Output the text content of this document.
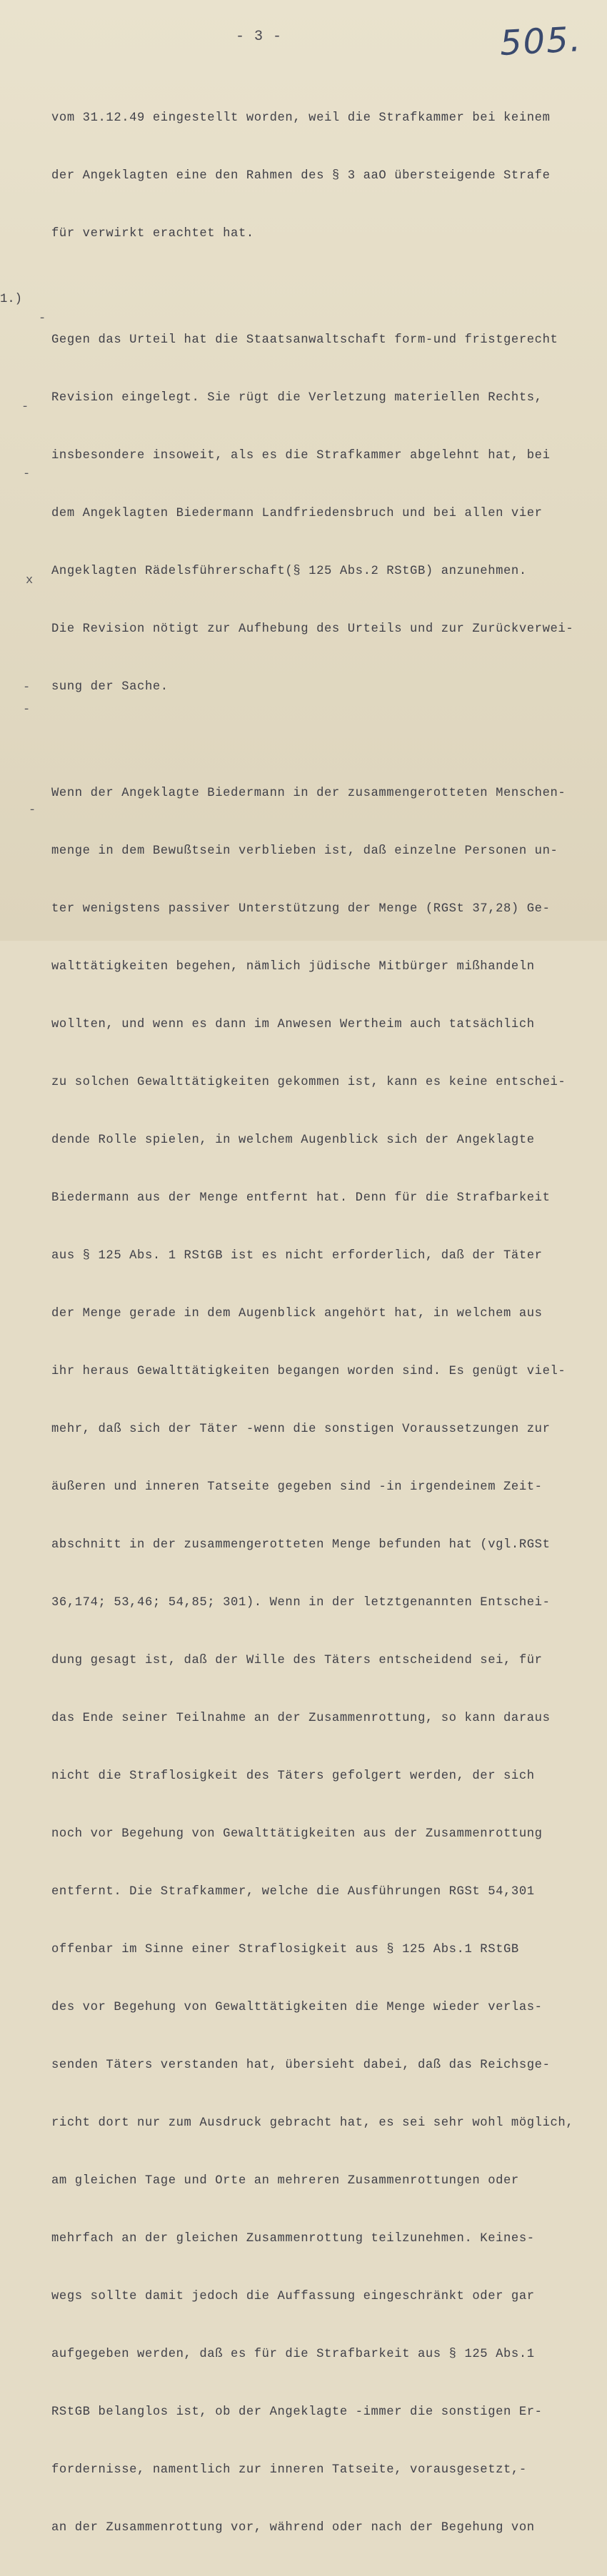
- 3 -	505.
1.)
-
-
-
x
-
-
-

vom 31.12.49 eingestellt worden, weil die Strafkammer bei keinem

der Angeklagten eine den Rahmen des § 3 aaO übersteigende Strafe

für verwirkt erachtet hat.

Gegen das Urteil hat die Staatsanwaltschaft form-und fristgerecht

Revision eingelegt. Sie rügt die Verletzung materiellen Rechts,

insbesondere insoweit, als es die Strafkammer abgelehnt hat, bei

dem Angeklagten Biedermann Landfriedensbruch und bei allen vier

Angeklagten Rädelsführerschaft(§ 125 Abs.2 RStGB) anzunehmen.

Die Revision nötigt zur Aufhebung des Urteils und zur Zurückverwei-

sung der Sache.

Wenn der Angeklagte Biedermann in der zusammengerotteten Menschen-

menge in dem Bewußtsein verblieben ist, daß einzelne Personen un-

ter wenigstens passiver Unterstützung der Menge (RGSt 37,28) Ge-

walttätigkeiten begehen, nämlich jüdische Mitbürger mißhandeln

wollten, und wenn es dann im Anwesen Wertheim auch tatsächlich

zu solchen Gewalttätigkeiten gekommen ist, kann es keine entschei-

dende Rolle spielen, in welchem Augenblick sich der Angeklagte

Biedermann aus der Menge entfernt hat. Denn für die Strafbarkeit

aus § 125 Abs. 1 RStGB ist es nicht erforderlich, daß der Täter

der Menge gerade in dem Augenblick angehört hat, in welchem aus

ihr heraus Gewalttätigkeiten begangen worden sind. Es genügt viel-

mehr, daß sich der Täter -wenn die sonstigen Voraussetzungen zur

äußeren und inneren Tatseite gegeben sind -in irgendeinem Zeit-

abschnitt in der zusammengerotteten Menge befunden hat (vgl.RGSt

36,174; 53,46; 54,85; 301). Wenn in der letztgenannten Entschei-

dung gesagt ist, daß der Wille des Täters entscheidend sei, für

das Ende seiner Teilnahme an der Zusammenrottung, so kann daraus

nicht die Straflosigkeit des Täters gefolgert werden, der sich

noch vor Begehung von Gewalttätigkeiten aus der Zusammenrottung

entfernt. Die Strafkammer, welche die Ausführungen RGSt 54,301

offenbar im Sinne einer Straflosigkeit aus § 125 Abs.1 RStGB

des vor Begehung von Gewalttätigkeiten die Menge wieder verlas-

senden Täters verstanden hat, übersieht dabei, daß das Reichsge-

richt dort nur zum Ausdruck gebracht hat, es sei sehr wohl möglich,

am gleichen Tage und Orte an mehreren Zusammenrottungen oder

mehrfach an der gleichen Zusammenrottung teilzunehmen. Keines-

wegs sollte damit jedoch die Auffassung eingeschränkt oder gar

aufgegeben werden, daß es für die Strafbarkeit aus § 125 Abs.1

RStGB belanglos ist, ob der Angeklagte -immer die sonstigen Er-

fordernisse, namentlich zur inneren Tatseite, vorausgesetzt,-

an der Zusammenrottung vor, während oder nach der Begehung von
